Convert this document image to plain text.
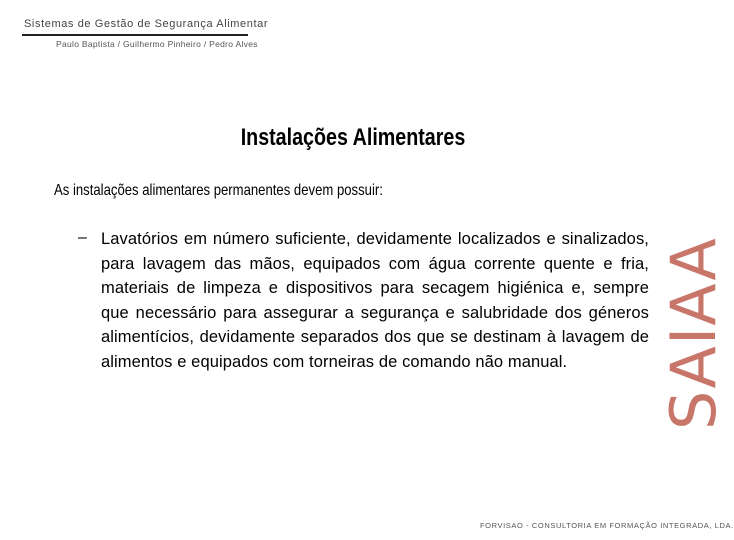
Sistemas de Gestão de Segurança Alimentar
Paulo Baptista / Guilhermo Pinheiro / Pedro Alves
Instalações Alimentares
As instalações alimentares permanentes devem possuir:
– Lavatórios em número suficiente, devidamente localizados e sinalizados, para lavagem das mãos, equipados com água corrente quente e fria, materiais de limpeza e dispositivos para secagem higiénica e, sempre que necessário para assegurar a segurança e salubridade dos géneros alimentícios, devidamente separados dos que se destinam à lavagem de alimentos e equipados com torneiras de comando não manual.	SAIAA
FORVISAO - CONSULTORIA EM FORMAÇÃO INTEGRADA, LDA.
